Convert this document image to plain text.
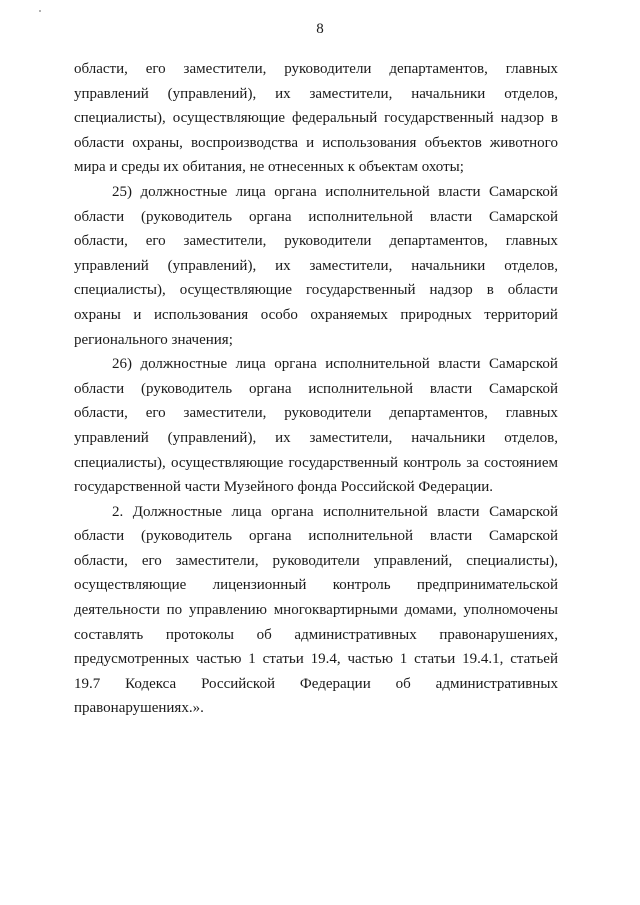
8
области, его заместители, руководители департаментов, главных
управлений (управлений), их заместители, начальники отделов,
специалисты), осуществляющие федеральный государственный надзор в
области охраны, воспроизводства и использования объектов животного
мира и среды их обитания, не отнесенных к объектам охоты;
25) должностные лица органа исполнительной власти Самарской
области (руководитель органа исполнительной власти Самарской
области, его заместители, руководители департаментов, главных
управлений (управлений), их заместители, начальники отделов,
специалисты), осуществляющие государственный надзор в области
охраны и использования особо охраняемых природных территорий
регионального значения;
26) должностные лица органа исполнительной власти Самарской
области (руководитель органа исполнительной власти Самарской
области, его заместители, руководители департаментов, главных
управлений (управлений), их заместители, начальники отделов,
специалисты), осуществляющие государственный контроль за состоянием
государственной части Музейного фонда Российской Федерации.
2. Должностные лица органа исполнительной власти Самарской
области (руководитель органа исполнительной власти Самарской
области, его заместители, руководители управлений, специалисты),
осуществляющие лицензионный контроль предпринимательской
деятельности по управлению многоквартирными домами, уполномочены
составлять протоколы об административных правонарушениях,
предусмотренных частью 1 статьи 19.4, частью 1 статьи 19.4.1, статьей
19.7 Кодекса Российской Федерации об административных
правонарушениях.».
